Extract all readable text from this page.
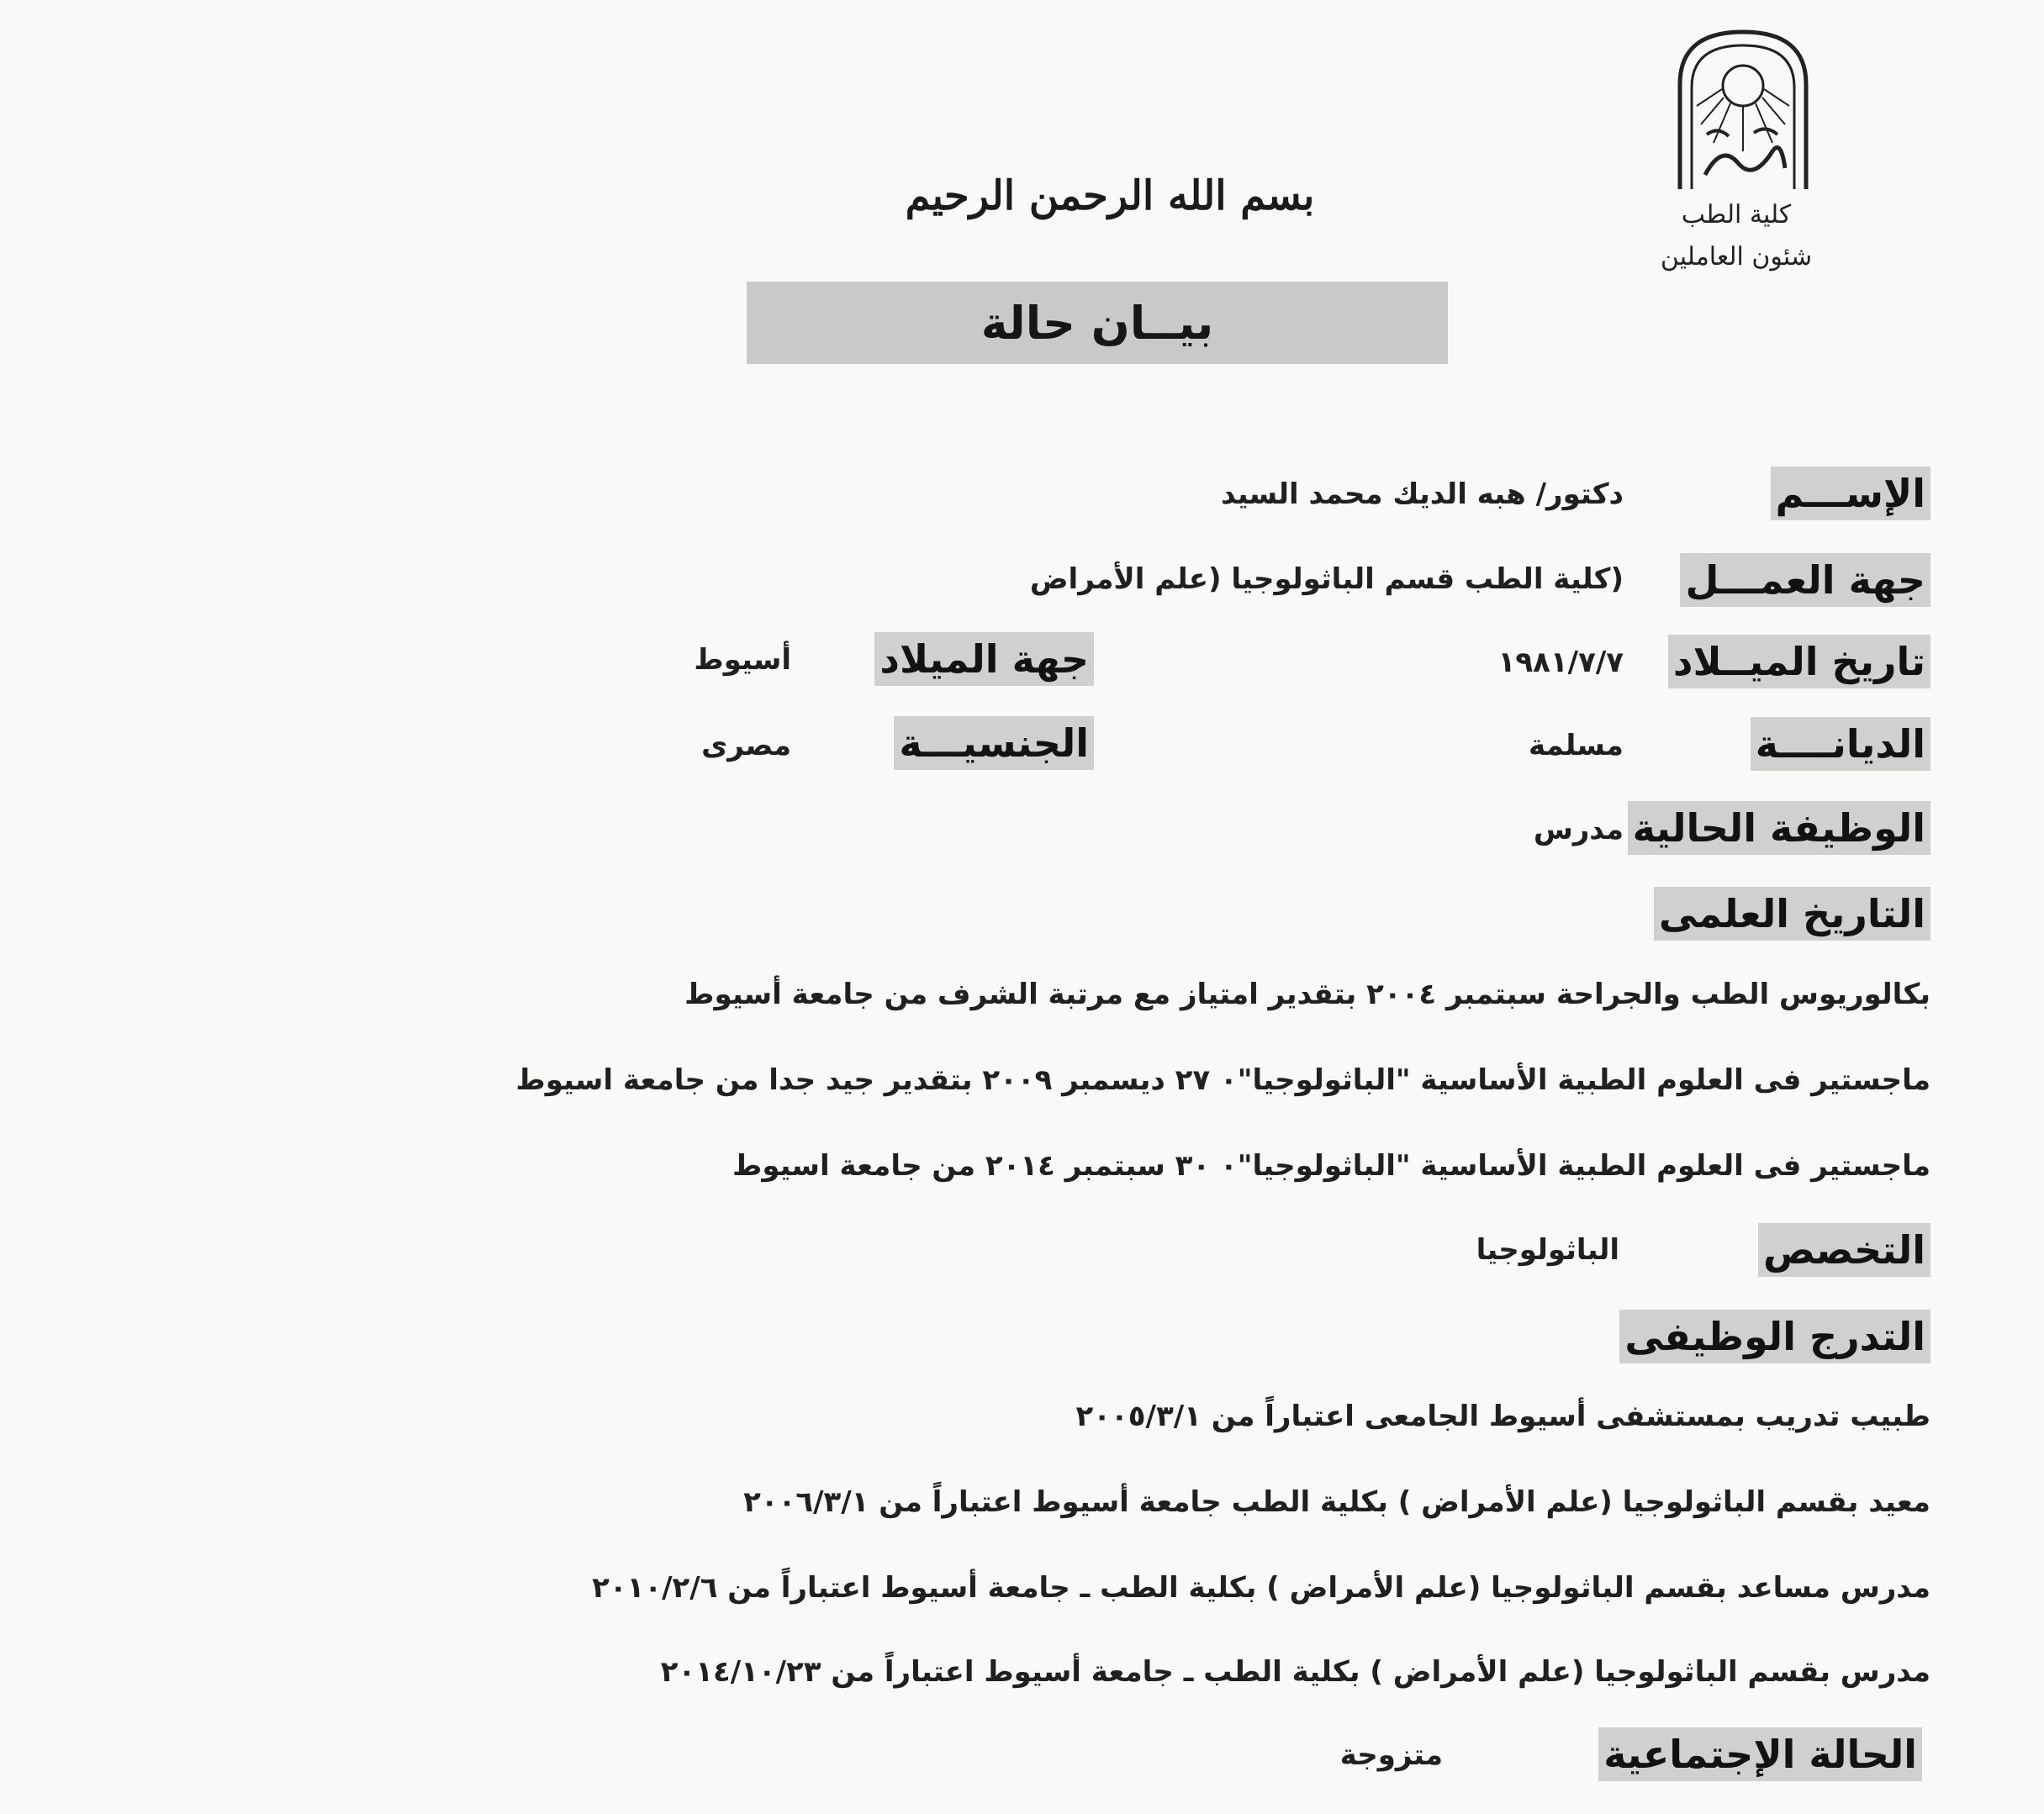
كلية الطب
شئون العاملين
بسم الله الرحمن الرحيم
بيــان حالة
الإســـم
دكتور/ هبه الديك محمد السيد
جهة العمـــل
(كلية الطب قسم الباثولوجيا (علم الأمراض
تاريخ الميــلاد
١٩٨١/٧/٧
جهة الميلاد
أسيوط
الديانــــة
مسلمة
الجنسيـــة
مصرى
الوظيفة الحالية
مدرس
التاريخ العلمى
بكالوريوس الطب والجراحة سبتمبر ٢٠٠٤ بتقدير امتياز مع مرتبة الشرف من جامعة أسيوط
ماجستير فى العلوم الطبية الأساسية "الباثولوجيا"٠ ٢٧ ديسمبر ٢٠٠٩ بتقدير جيد جدا من جامعة اسيوط
ماجستير فى العلوم الطبية الأساسية "الباثولوجيا"٠ ٣٠ سبتمبر ٢٠١٤ من جامعة اسيوط
التخصص
الباثولوجيا
التدرج الوظيفى
طبيب تدريب بمستشفى أسيوط الجامعى اعتباراً من ٢٠٠٥/٣/١
معيد بقسم الباثولوجيا (علم الأمراض ) بكلية الطب جامعة أسيوط اعتباراً من ٢٠٠٦/٣/١
مدرس مساعد بقسم الباثولوجيا (علم الأمراض ) بكلية الطب ـ جامعة أسيوط اعتباراً من ٢٠١٠/٢/٦
مدرس بقسم الباثولوجيا (علم الأمراض ) بكلية الطب ـ جامعة أسيوط اعتباراً من ٢٠١٤/١٠/٢٣
الحالة الإجتماعية
متزوجة
